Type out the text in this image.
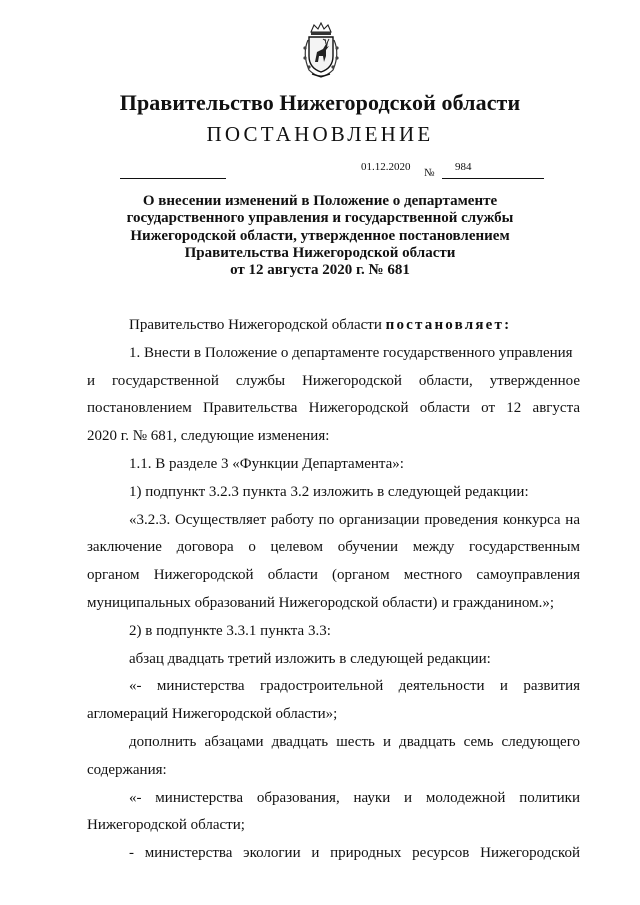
Правительство Нижегородской области
ПОСТАНОВЛЕНИЕ
01.12.2020 № 984
О внесении изменений в Положение о департаменте
государственного управления и государственной службы
Нижегородской области, утвержденное постановлением
Правительства Нижегородской области
от 12 августа 2020 г. № 681
Правительство Нижегородской области постановляет:
1. Внести в Положение о департаменте государственного управления
и государственной службы Нижегородской области, утвержденное
постановлением Правительства Нижегородской области от 12 августа
2020 г. № 681, следующие изменения:
1.1. В разделе 3 «Функции Департамента»:
1) подпункт 3.2.3 пункта 3.2 изложить в следующей редакции:
«3.2.3. Осуществляет работу по организации проведения конкурса на
заключение договора о целевом обучении между государственным
органом Нижегородской области (органом местного самоуправления
муниципальных образований Нижегородской области) и гражданином.»;
2) в подпункте 3.3.1 пункта 3.3:
абзац двадцать третий изложить в следующей редакции:
«- министерства градостроительной деятельности и развития
агломераций Нижегородской области»;
дополнить абзацами двадцать шесть и двадцать семь следующего
содержания:
«- министерства образования, науки и молодежной политики
Нижегородской области;
- министерства экологии и природных ресурсов Нижегородской
